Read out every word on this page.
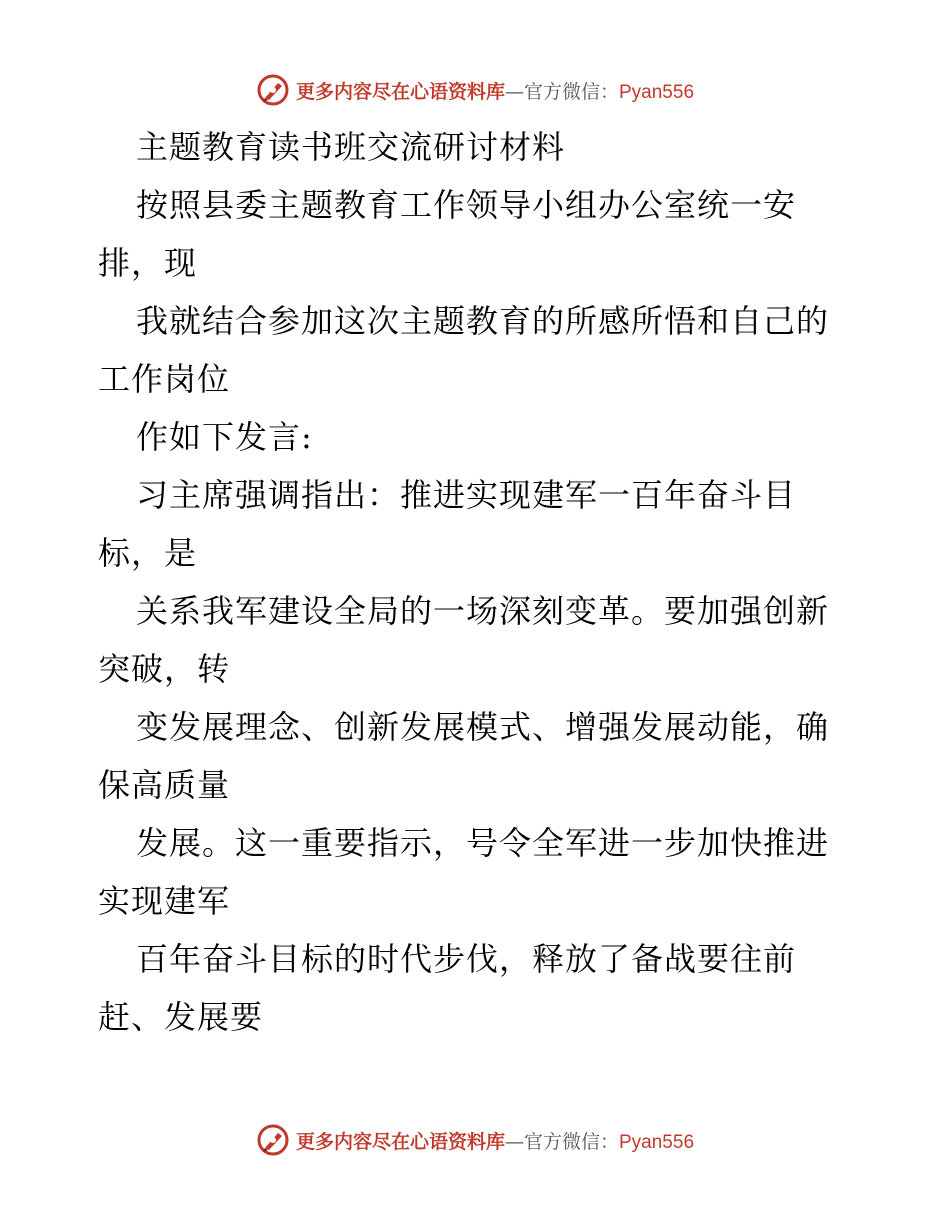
更多内容尽在心语资料库—官方微信：Pyan556
主题教育读书班交流研讨材料
按照县委主题教育工作领导小组办公室统一安
排，现
我就结合参加这次主题教育的所感所悟和自己的
工作岗位
作如下发言:
习主席强调指出：推进实现建军一百年奋斗目
标，是
关系我军建设全局的一场深刻变革。要加强创新
突破，转
变发展理念、创新发展模式、增强发展动能，确
保高质量
发展。这一重要指示，号令全军进一步加快推进
实现建军
百年奋斗目标的时代步伐，释放了备战要往前
赶、发展要
更多内容尽在心语资料库—官方微信：Pyan556
